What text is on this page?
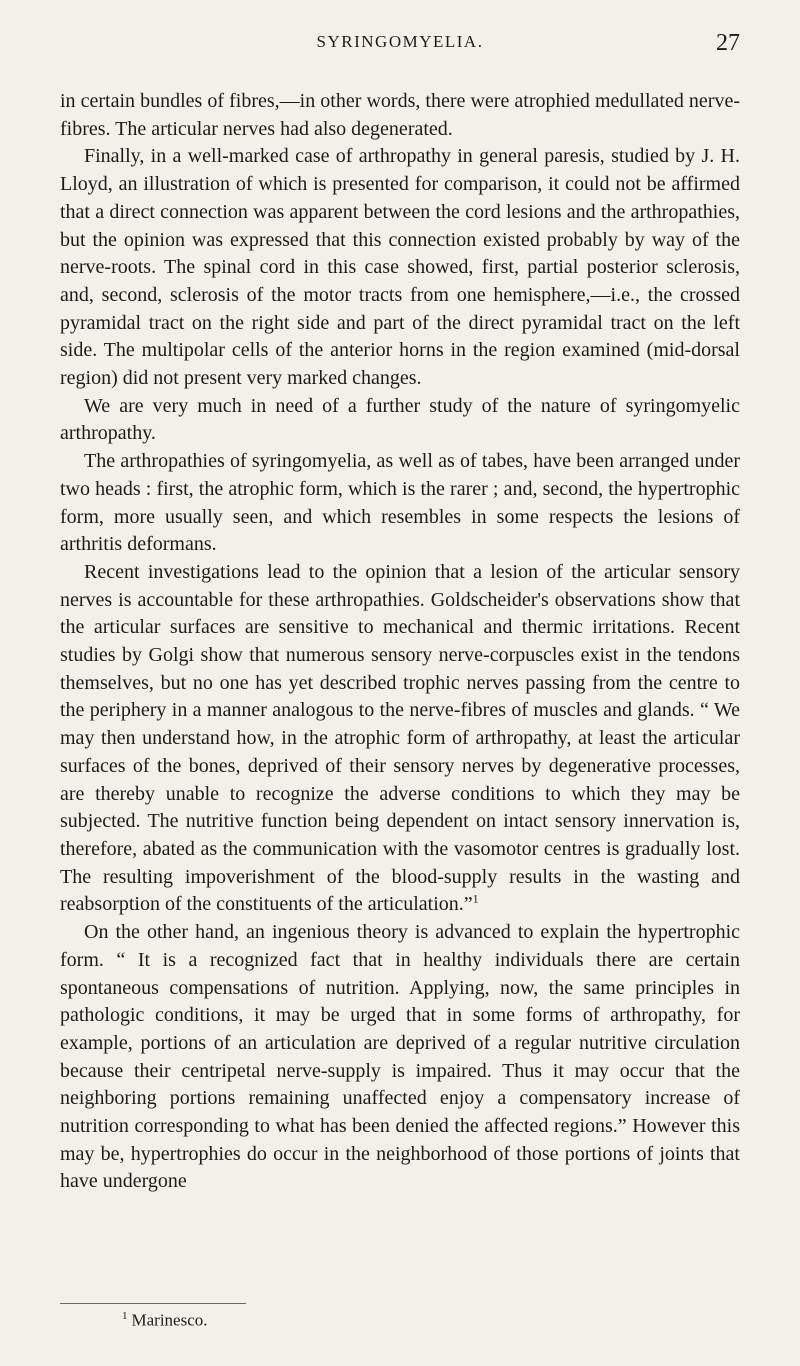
SYRINGOMYELIA.	27

in certain bundles of fibres,—in other words, there were atrophied medullated nerve-fibres. The articular nerves had also degenerated.

Finally, in a well-marked case of arthropathy in general paresis, studied by J. H. Lloyd, an illustration of which is presented for comparison, it could not be affirmed that a direct connection was apparent between the cord lesions and the arthropathies, but the opinion was expressed that this connection existed probably by way of the nerve-roots. The spinal cord in this case showed, first, partial posterior sclerosis, and, second, sclerosis of the motor tracts from one hemisphere,—i.e., the crossed pyramidal tract on the right side and part of the direct pyramidal tract on the left side. The multipolar cells of the anterior horns in the region examined (mid-dorsal region) did not present very marked changes.

We are very much in need of a further study of the nature of syringomyelic arthropathy.

The arthropathies of syringomyelia, as well as of tabes, have been arranged under two heads : first, the atrophic form, which is the rarer ; and, second, the hypertrophic form, more usually seen, and which resembles in some respects the lesions of arthritis deformans.

Recent investigations lead to the opinion that a lesion of the articular sensory nerves is accountable for these arthropathies. Goldscheider's observations show that the articular surfaces are sensitive to mechanical and thermic irritations. Recent studies by Golgi show that numerous sensory nerve-corpuscles exist in the tendons themselves, but no one has yet described trophic nerves passing from the centre to the periphery in a manner analogous to the nerve-fibres of muscles and glands. “ We may then understand how, in the atrophic form of arthropathy, at least the articular surfaces of the bones, deprived of their sensory nerves by degenerative processes, are thereby unable to recognize the adverse conditions to which they may be subjected. The nutritive function being dependent on intact sensory innervation is, therefore, abated as the communication with the vasomotor centres is gradually lost. The resulting impoverishment of the blood-supply results in the wasting and reabsorption of the constituents of the articulation.”$^1$

On the other hand, an ingenious theory is advanced to explain the hypertrophic form. “ It is a recognized fact that in healthy individuals there are certain spontaneous compensations of nutrition. Applying, now, the same principles in pathologic conditions, it may be urged that in some forms of arthropathy, for example, portions of an articulation are deprived of a regular nutritive circulation because their centripetal nerve-supply is impaired. Thus it may occur that the neighboring portions remaining unaffected enjoy a compensatory increase of nutrition corresponding to what has been denied the affected regions.” However this may be, hypertrophies do occur in the neighborhood of those portions of joints that have undergone

$^1$ Marinesco.
